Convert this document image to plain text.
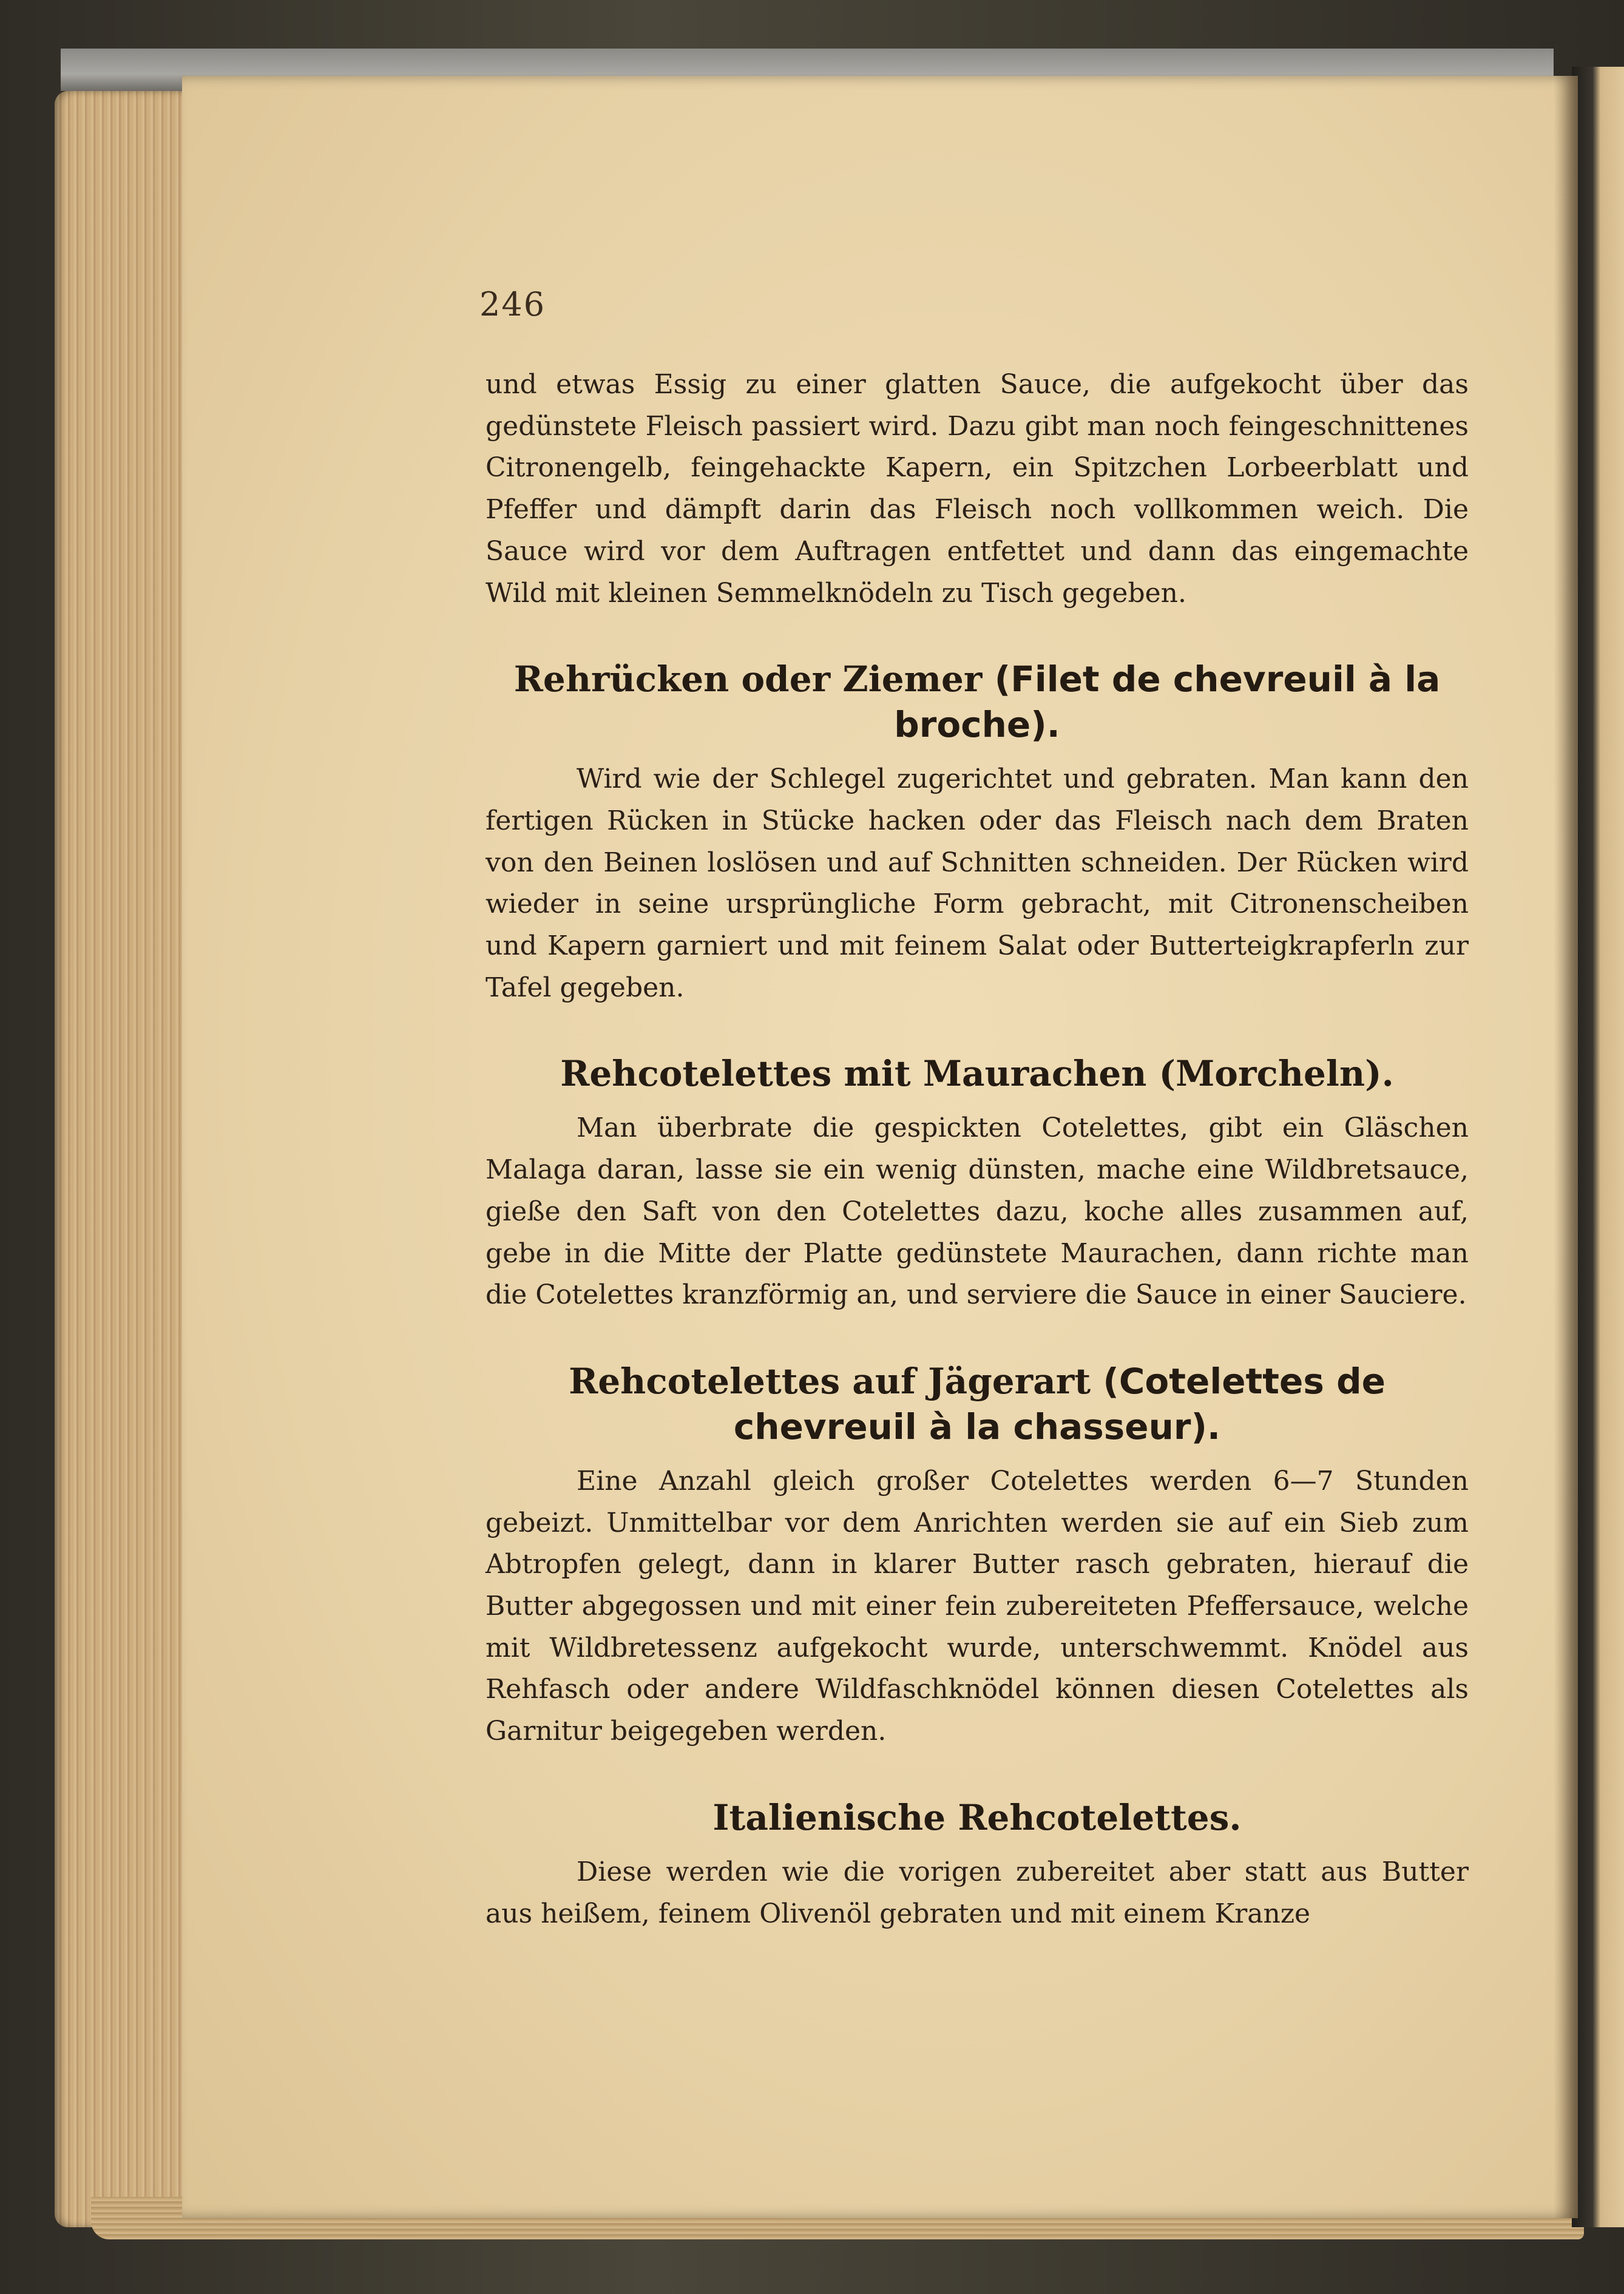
246

und etwas Essig zu einer glatten Sauce, die aufgekocht über das gedünstete Fleisch passiert wird. Dazu gibt man noch feingeschnittenes Citronengelb, feingehackte Kapern, ein Spitzchen Lorbeerblatt und Pfeffer und dämpft darin das Fleisch noch vollkommen weich. Die Sauce wird vor dem Auftragen entfettet und dann das eingemachte Wild mit kleinen Semmelknödeln zu Tisch gegeben.

Rehrücken oder Ziemer (Filet de chevreuil à la broche).

Wird wie der Schlegel zugerichtet und gebraten. Man kann den fertigen Rücken in Stücke hacken oder das Fleisch nach dem Braten von den Beinen loslösen und auf Schnitten schneiden. Der Rücken wird wieder in seine ursprüngliche Form gebracht, mit Citronenscheiben und Kapern garniert und mit feinem Salat oder Butterteigkrapferln zur Tafel gegeben.

Rehcotelettes mit Maurachen (Morcheln).

Man überbrate die gespickten Cotelettes, gibt ein Gläschen Malaga daran, lasse sie ein wenig dünsten, mache eine Wildbretsauce, gieße den Saft von den Cotelettes dazu, koche alles zusammen auf, gebe in die Mitte der Platte gedünstete Maurachen, dann richte man die Cotelettes kranzförmig an, und serviere die Sauce in einer Sauciere.

Rehcotelettes auf Jägerart (Cotelettes de chevreuil à la chasseur).

Eine Anzahl gleich großer Cotelettes werden 6—7 Stunden gebeizt. Unmittelbar vor dem Anrichten werden sie auf ein Sieb zum Abtropfen gelegt, dann in klarer Butter rasch gebraten, hierauf die Butter abgegossen und mit einer fein zubereiteten Pfeffersauce, welche mit Wildbretessenz aufgekocht wurde, unterschwemmt. Knödel aus Rehfasch oder andere Wildfaschknödel können diesen Cotelettes als Garnitur beigegeben werden.

Italienische Rehcotelettes.

Diese werden wie die vorigen zubereitet aber statt aus Butter aus heißem, feinem Olivenöl gebraten und mit einem Kranze
